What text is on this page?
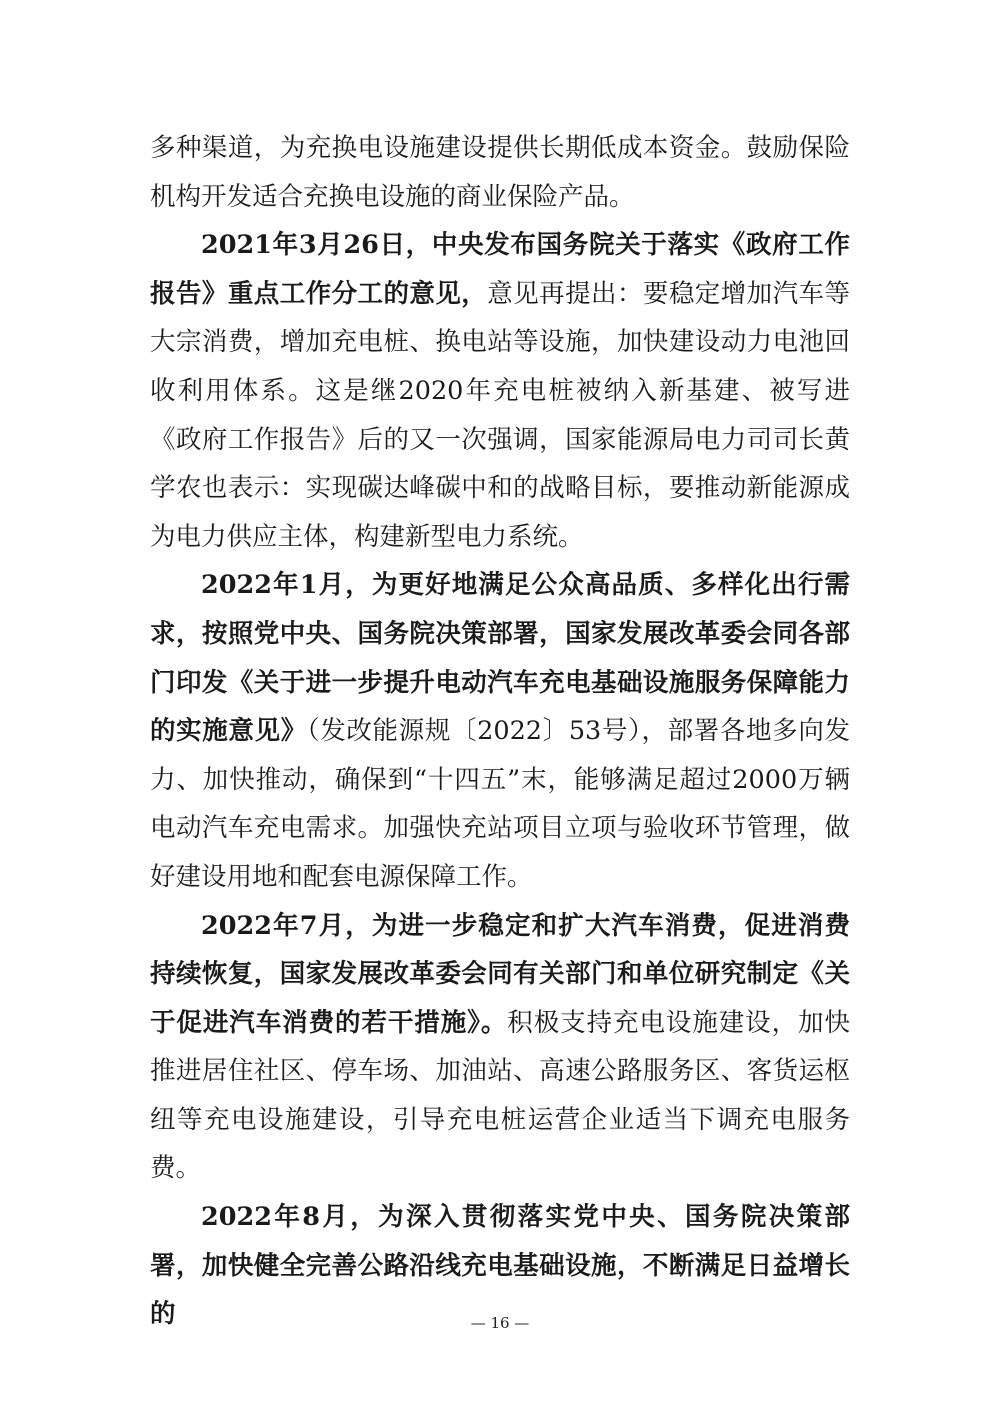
多种渠道，为充换电设施建设提供长期低成本资金。鼓励保险机构开发适合充换电设施的商业保险产品。

2021年3月26日，中央发布国务院关于落实《政府工作报告》重点工作分工的意见，意见再提出：要稳定增加汽车等大宗消费，增加充电桩、换电站等设施，加快建设动力电池回收利用体系。这是继2020年充电桩被纳入新基建、被写进《政府工作报告》后的又一次强调，国家能源局电力司司长黄学农也表示：实现碳达峰碳中和的战略目标，要推动新能源成为电力供应主体，构建新型电力系统。

2022年1月，为更好地满足公众高品质、多样化出行需求，按照党中央、国务院决策部署，国家发展改革委会同各部门印发《关于进一步提升电动汽车充电基础设施服务保障能力的实施意见》（发改能源规〔2022〕53号），部署各地多向发力、加快推动，确保到“十四五”末，能够满足超过2000万辆电动汽车充电需求。加强快充站项目立项与验收环节管理，做好建设用地和配套电源保障工作。

2022年7月，为进一步稳定和扩大汽车消费，促进消费持续恢复，国家发展改革委会同有关部门和单位研究制定《关于促进汽车消费的若干措施》。积极支持充电设施建设，加快推进居住社区、停车场、加油站、高速公路服务区、客货运枢纽等充电设施建设，引导充电桩运营企业适当下调充电服务费。

2022年8月，为深入贯彻落实党中央、国务院决策部署，加快健全完善公路沿线充电基础设施，不断满足日益增长的	— 16 —
